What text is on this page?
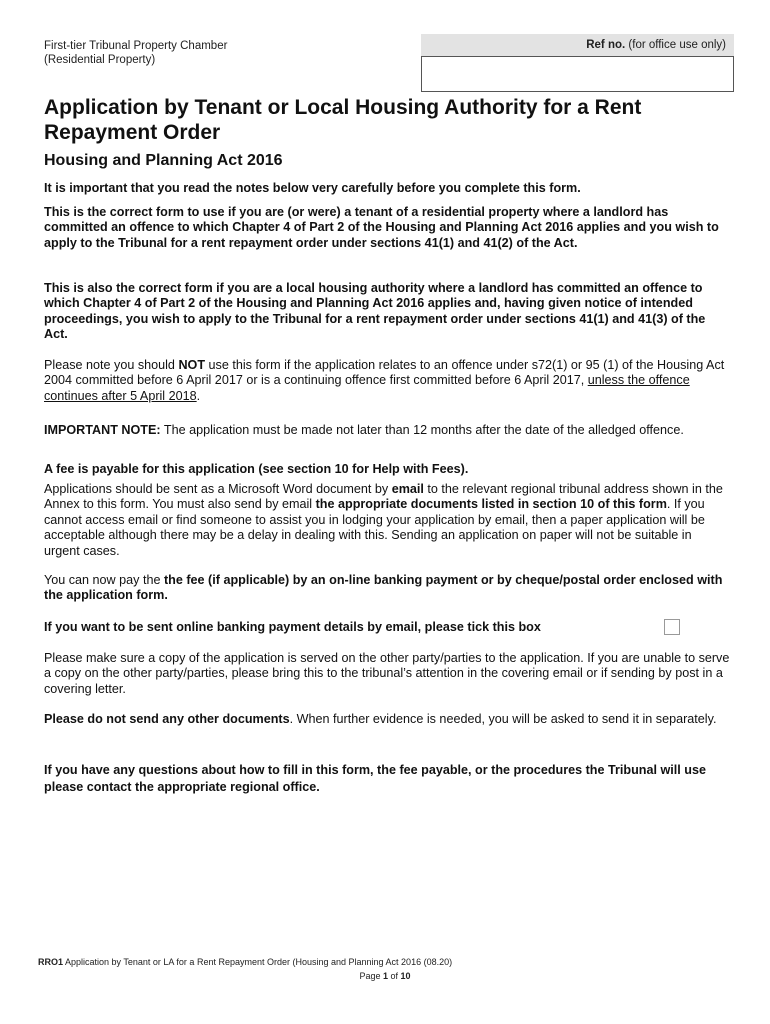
First-tier Tribunal Property Chamber
(Residential Property)
Ref no. (for office use only)
Application by Tenant or Local Housing Authority for a Rent Repayment Order
Housing and Planning Act 2016

It is important that you read the notes below very carefully before you complete this form.

This is the correct form to use if you are (or were) a tenant of a residential property where a landlord has committed an offence to which Chapter 4 of Part 2 of the Housing and Planning Act 2016 applies and you wish to apply to the Tribunal for a rent repayment order under sections 41(1) and 41(2) of the Act.

This is also the correct form if you are a local housing authority where a landlord has committed an offence to which Chapter 4 of Part 2 of the Housing and Planning Act 2016 applies and, having given notice of intended proceedings, you wish to apply to the Tribunal for a rent repayment order under sections 41(1) and 41(3) of the Act.

Please note you should NOT use this form if the application relates to an offence under s72(1) or 95 (1) of the Housing Act 2004 committed before 6 April 2017 or is a continuing offence first committed before 6 April 2017, unless the offence continues after 5 April 2018.

IMPORTANT NOTE: The application must be made not later than 12 months after the date of the alledged offence.

A fee is payable for this application (see section 10 for Help with Fees).

Applications should be sent as a Microsoft Word document by email to the relevant regional tribunal address shown in the Annex to this form. You must also send by email the appropriate documents listed in section 10 of this form. If you cannot access email or find someone to assist you in lodging your application by email, then a paper application will be acceptable although there may be a delay in dealing with this. Sending an application on paper will not be suitable in urgent cases.

You can now pay the the fee (if applicable) by an on-line banking payment or by cheque/postal order enclosed with the application form.

If you want to be sent online banking payment details by email, please tick this box

Please make sure a copy of the application is served on the other party/parties to the application. If you are unable to serve a copy on the other party/parties, please bring this to the tribunal’s attention in the covering email or if sending by post in a covering letter.

Please do not send any other documents. When further evidence is needed, you will be asked to send it in separately.

If you have any questions about how to fill in this form, the fee payable, or the procedures the Tribunal will use please contact the appropriate regional office.

RRO1 Application by Tenant or LA for a Rent Repayment Order (Housing and Planning Act 2016 (08.20)
Page 1 of 10
